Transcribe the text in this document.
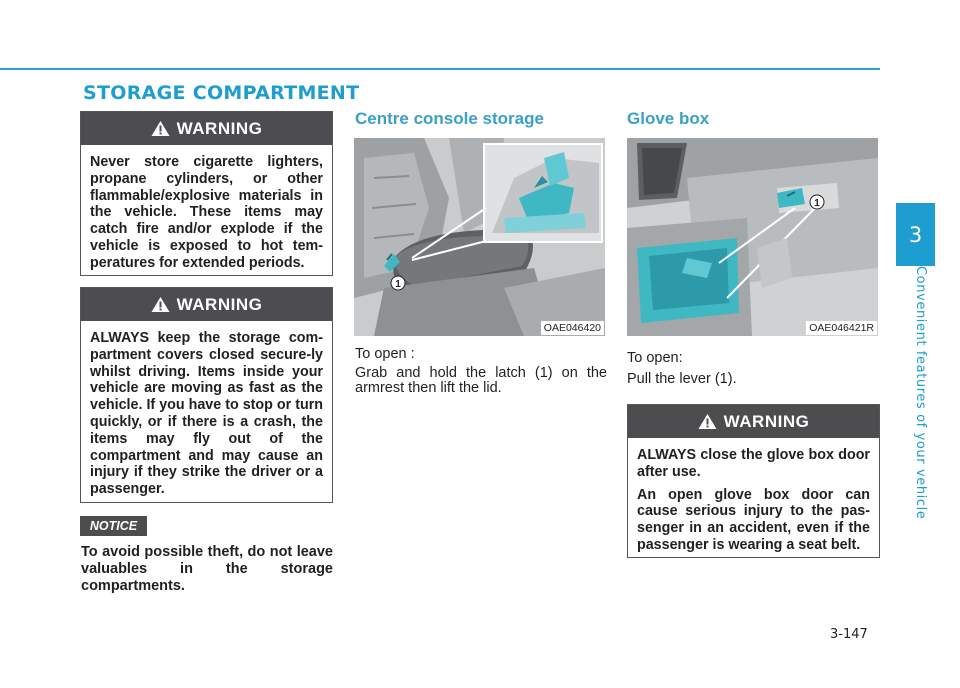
STORAGE COMPARTMENT
WARNING

Never store cigarette lighters, propane cylinders, or other flammable/explosive materials in the vehicle. These items may catch fire and/or explode if the vehicle is exposed to hot tem-peratures for extended periods.

WARNING

ALWAYS keep the storage com-partment covers closed secure-ly whilst driving. Items inside your vehicle are moving as fast as the vehicle. If you have to stop or turn quickly, or if there is a crash, the items may fly out of the compartment and may cause an injury if they strike the driver or a passenger.

NOTICE

To avoid possible theft, do not leave valuables in the storage compartments.

Centre console storage
1
OAE046420

To open :

Grab and hold the latch (1) on the armrest then lift the lid.

Glove box
1
OAE046421R

To open:

Pull the lever (1).

WARNING

ALWAYS close the glove box door after use.

An open glove box door can cause serious injury to the pas-senger in an accident, even if the passenger is wearing a seat belt.

3
Convenient features of your vehicle
3-147
